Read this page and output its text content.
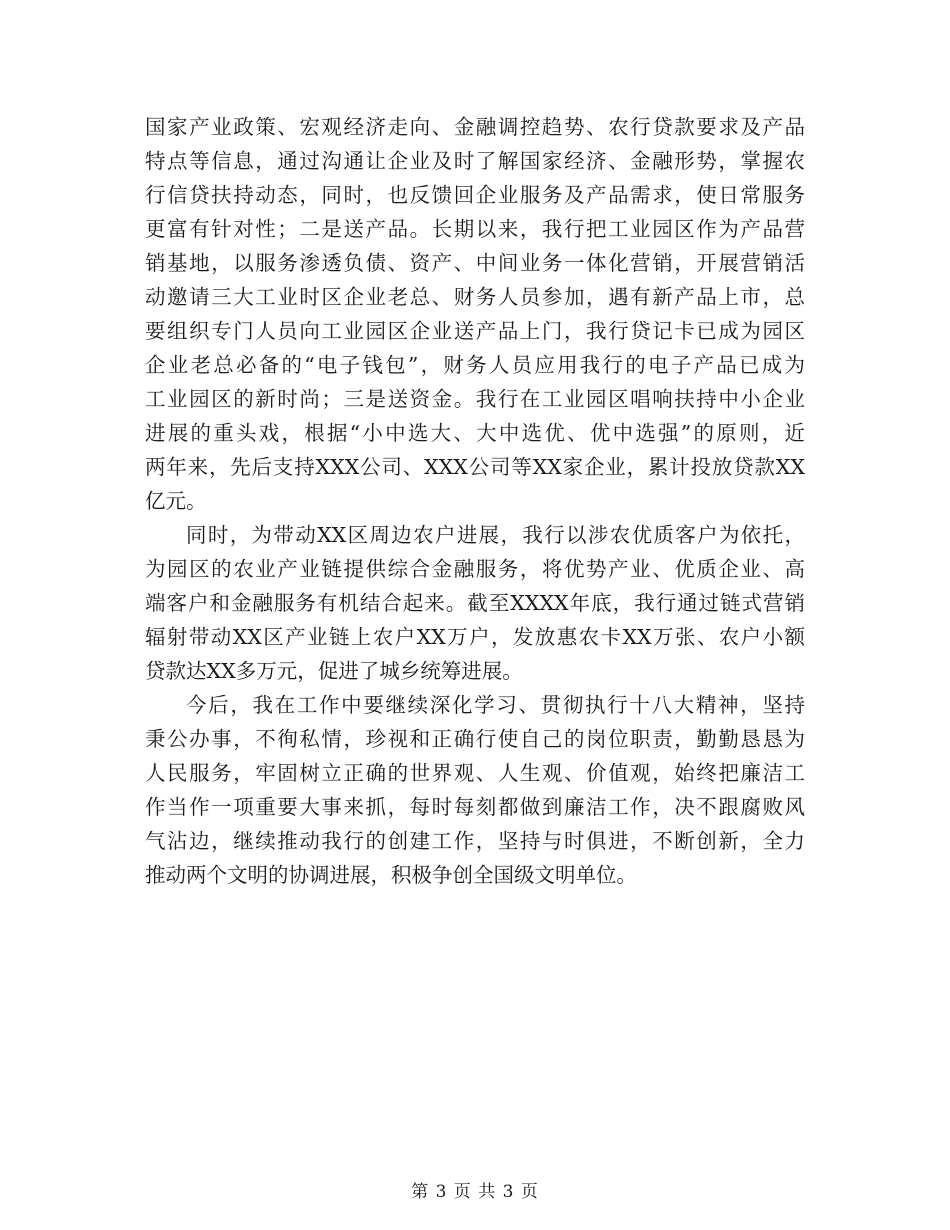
国家产业政策、宏观经济走向、金融调控趋势、农行贷款要求及产品
特点等信息，通过沟通让企业及时了解国家经济、金融形势，掌握农
行信贷扶持动态，同时，也反馈回企业服务及产品需求，使日常服务
更富有针对性；二是送产品。长期以来，我行把工业园区作为产品营
销基地，以服务渗透负债、资产、中间业务一体化营销，开展营销活
动邀请三大工业时区企业老总、财务人员参加，遇有新产品上市，总
要组织专门人员向工业园区企业送产品上门，我行贷记卡已成为园区
企业老总必备的“电子钱包”，财务人员应用我行的电子产品已成为
工业园区的新时尚；三是送资金。我行在工业园区唱响扶持中小企业
进展的重头戏，根据“小中选大、大中选优、优中选强”的原则，近
两年来，先后支持XXX公司、XXX公司等XX家企业，累计投放贷款XX
亿元。
同时，为带动XX区周边农户进展，我行以涉农优质客户为依托，
为园区的农业产业链提供综合金融服务，将优势产业、优质企业、高
端客户和金融服务有机结合起来。截至XXXX年底，我行通过链式营销
辐射带动XX区产业链上农户XX万户，发放惠农卡XX万张、农户小额
贷款达XX多万元，促进了城乡统筹进展。
今后，我在工作中要继续深化学习、贯彻执行十八大精神，坚持
秉公办事，不徇私情，珍视和正确行使自己的岗位职责，勤勤恳恳为
人民服务，牢固树立正确的世界观、人生观、价值观，始终把廉洁工
作当作一项重要大事来抓，每时每刻都做到廉洁工作，决不跟腐败风
气沾边，继续推动我行的创建工作，坚持与时俱进，不断创新，全力
推动两个文明的协调进展，积极争创全国级文明单位。
第 3 页 共 3 页
